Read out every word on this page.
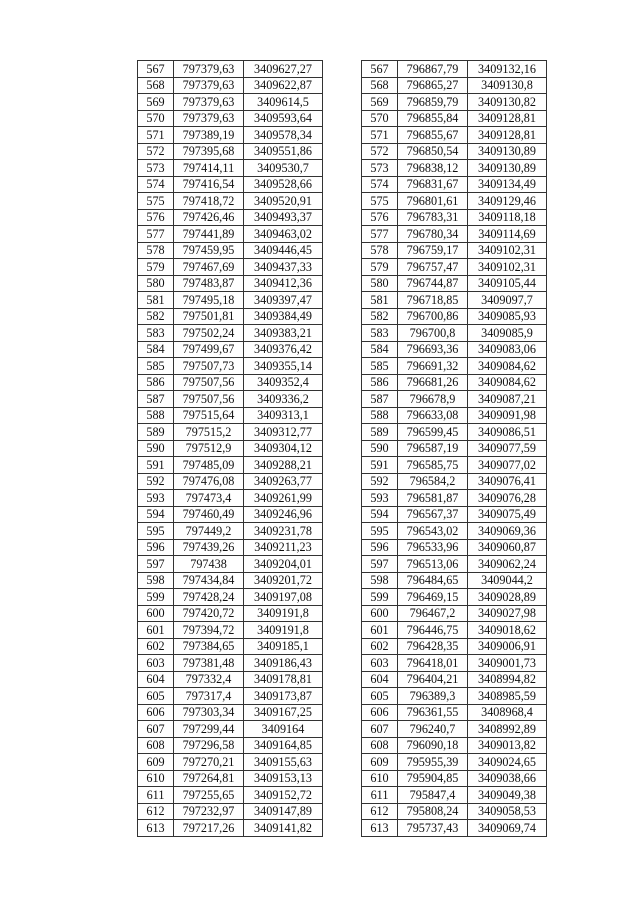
567	797379,63	3409627,27
568	797379,63	3409622,87
569	797379,63	3409614,5
570	797379,63	3409593,64
571	797389,19	3409578,34
572	797395,68	3409551,86
573	797414,11	3409530,7
574	797416,54	3409528,66
575	797418,72	3409520,91
576	797426,46	3409493,37
577	797441,89	3409463,02
578	797459,95	3409446,45
579	797467,69	3409437,33
580	797483,87	3409412,36
581	797495,18	3409397,47
582	797501,81	3409384,49
583	797502,24	3409383,21
584	797499,67	3409376,42
585	797507,73	3409355,14
586	797507,56	3409352,4
587	797507,56	3409336,2
588	797515,64	3409313,1
589	797515,2	3409312,77
590	797512,9	3409304,12
591	797485,09	3409288,21
592	797476,08	3409263,77
593	797473,4	3409261,99
594	797460,49	3409246,96
595	797449,2	3409231,78
596	797439,26	3409211,23
597	797438	3409204,01
598	797434,84	3409201,72
599	797428,24	3409197,08
600	797420,72	3409191,8
601	797394,72	3409191,8
602	797384,65	3409185,1
603	797381,48	3409186,43
604	797332,4	3409178,81
605	797317,4	3409173,87
606	797303,34	3409167,25
607	797299,44	3409164
608	797296,58	3409164,85
609	797270,21	3409155,63
610	797264,81	3409153,13
611	797255,65	3409152,72
612	797232,97	3409147,89
613	797217,26	3409141,82
567	796867,79	3409132,16
568	796865,27	3409130,8
569	796859,79	3409130,82
570	796855,84	3409128,81
571	796855,67	3409128,81
572	796850,54	3409130,89
573	796838,12	3409130,89
574	796831,67	3409134,49
575	796801,61	3409129,46
576	796783,31	3409118,18
577	796780,34	3409114,69
578	796759,17	3409102,31
579	796757,47	3409102,31
580	796744,87	3409105,44
581	796718,85	3409097,7
582	796700,86	3409085,93
583	796700,8	3409085,9
584	796693,36	3409083,06
585	796691,32	3409084,62
586	796681,26	3409084,62
587	796678,9	3409087,21
588	796633,08	3409091,98
589	796599,45	3409086,51
590	796587,19	3409077,59
591	796585,75	3409077,02
592	796584,2	3409076,41
593	796581,87	3409076,28
594	796567,37	3409075,49
595	796543,02	3409069,36
596	796533,96	3409060,87
597	796513,06	3409062,24
598	796484,65	3409044,2
599	796469,15	3409028,89
600	796467,2	3409027,98
601	796446,75	3409018,62
602	796428,35	3409006,91
603	796418,01	3409001,73
604	796404,21	3408994,82
605	796389,3	3408985,59
606	796361,55	3408968,4
607	796240,7	3408992,89
608	796090,18	3409013,82
609	795955,39	3409024,65
610	795904,85	3409038,66
611	795847,4	3409049,38
612	795808,24	3409058,53
613	795737,43	3409069,74
